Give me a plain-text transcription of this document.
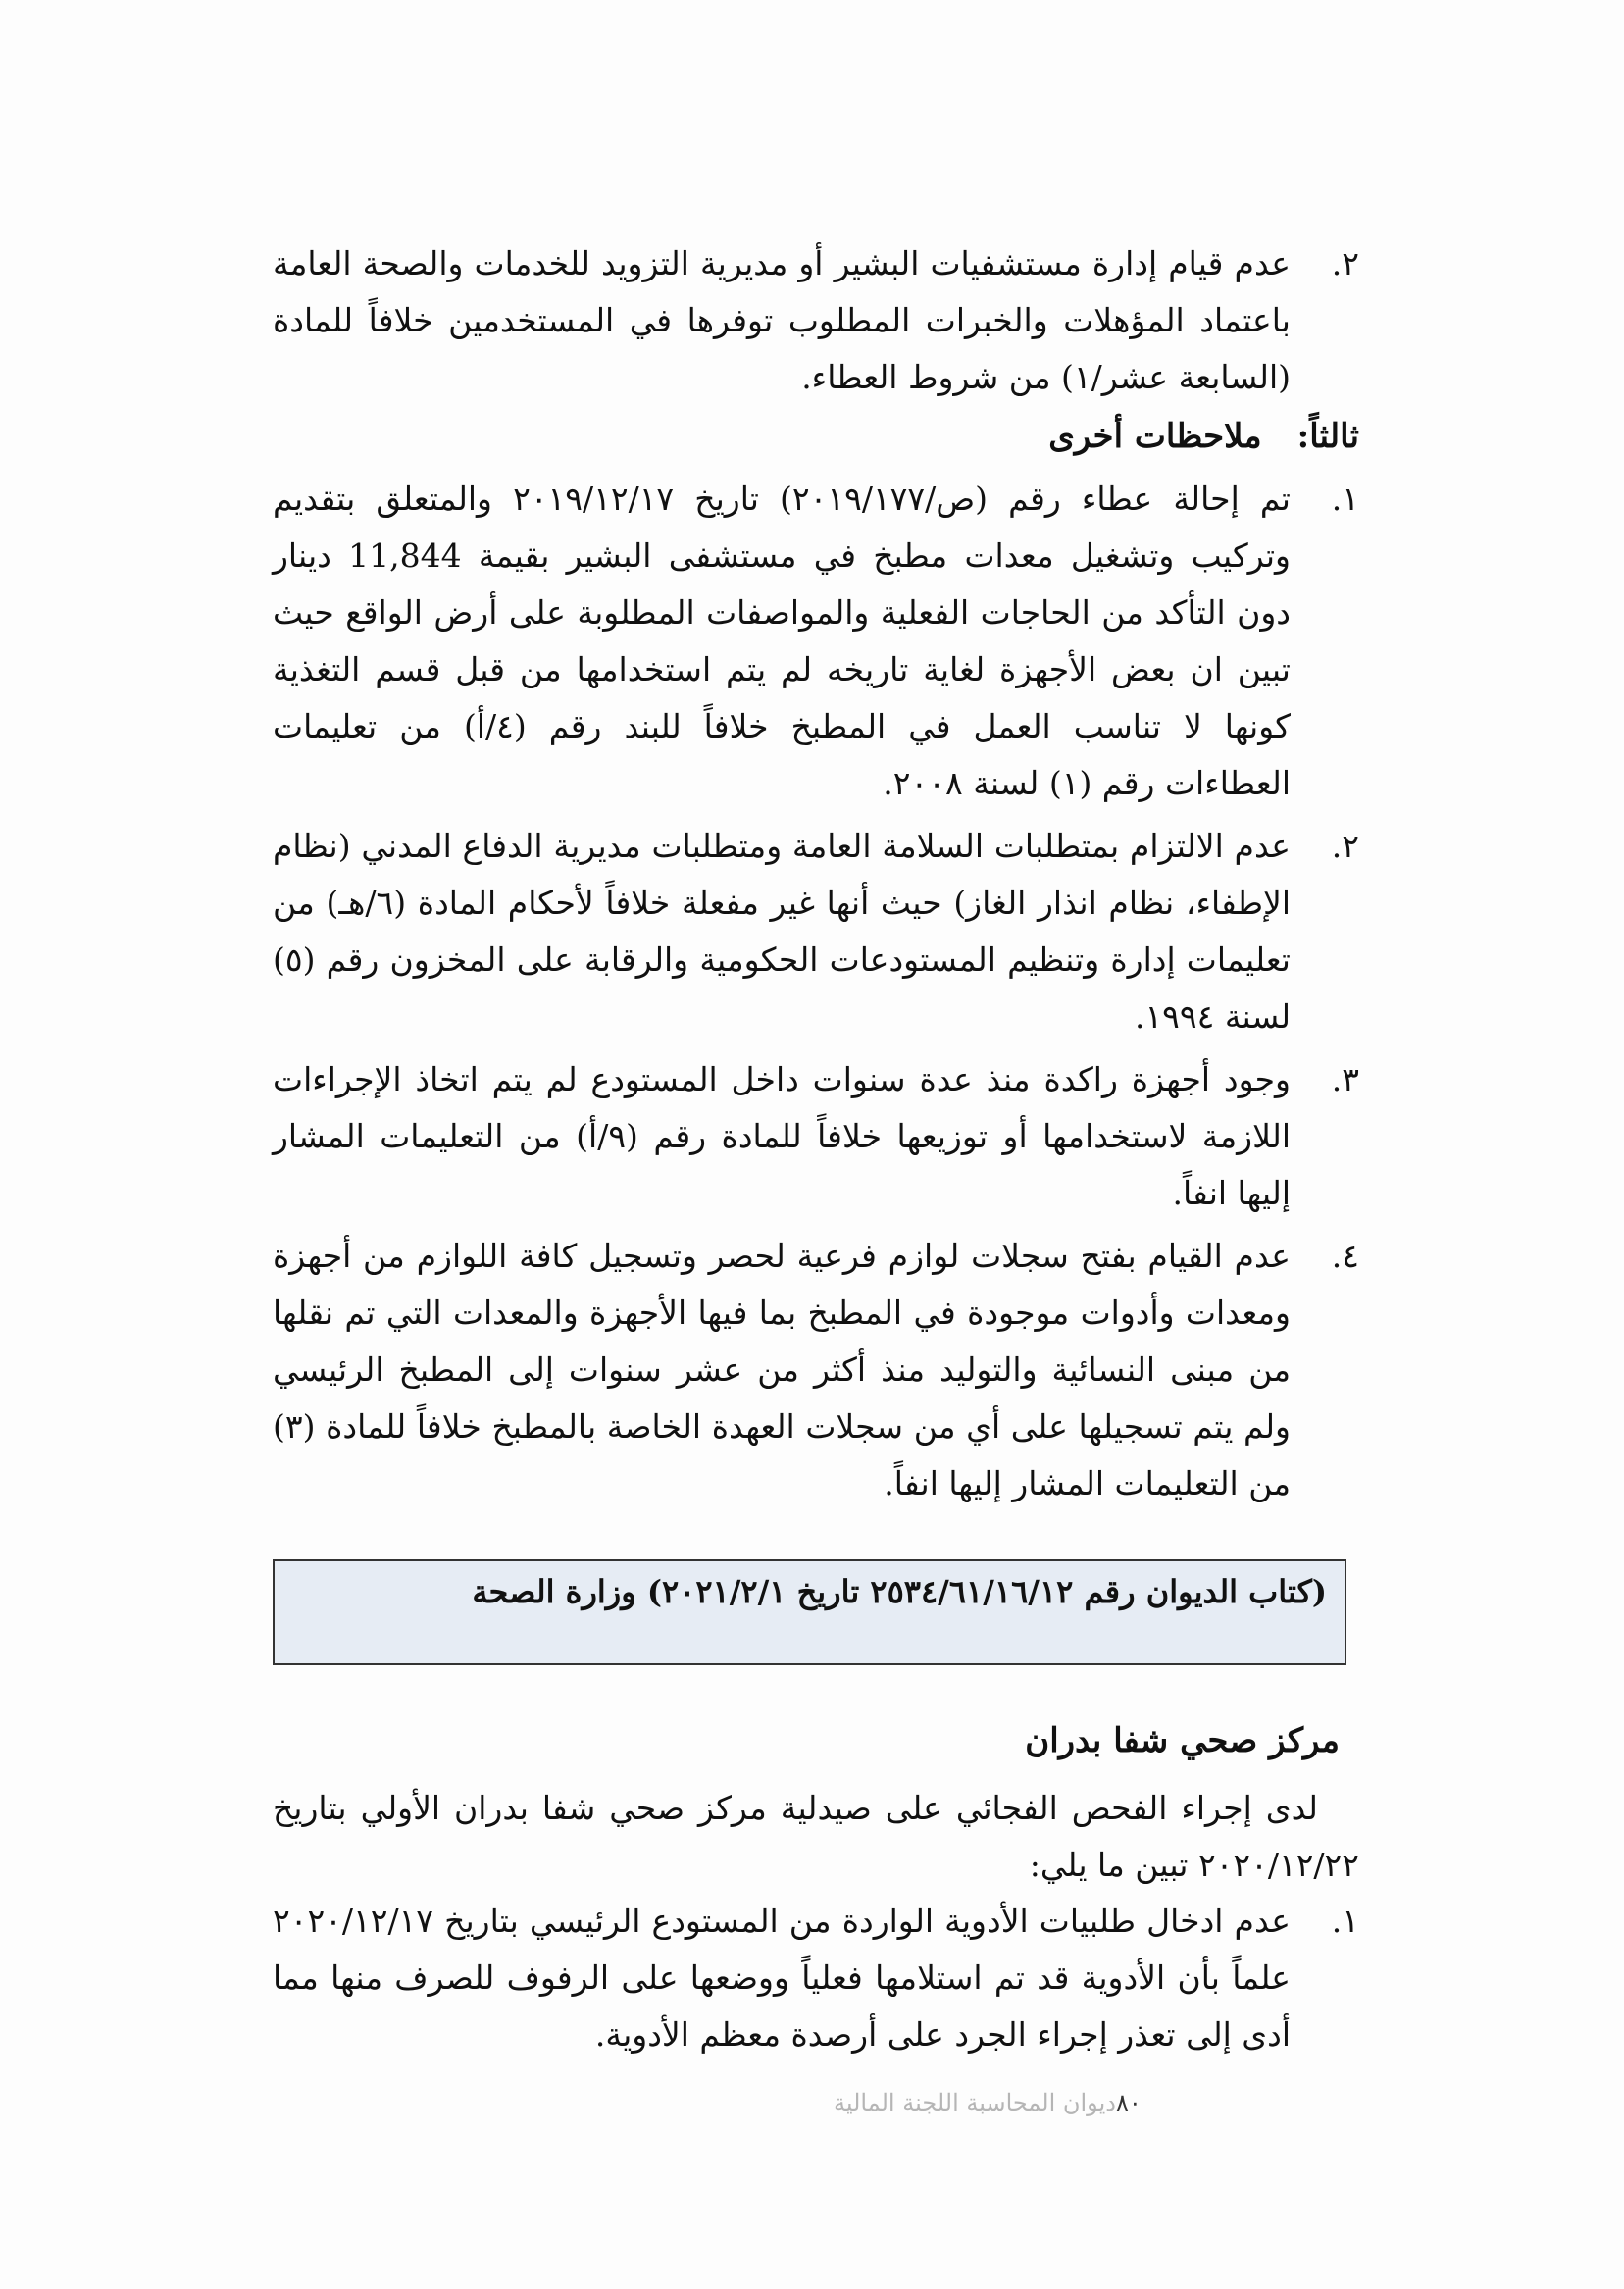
٢.

عدم قيام إدارة مستشفيات البشير أو مديرية التزويد للخدمات والصحة العامة باعتماد المؤهلات والخبرات المطلوب توفرها في المستخدمين خلافاً للمادة (السابعة عشر/١) من شروط العطاء.

ثالثاً:ملاحظات أخرى
١.

تم إحالة عطاء رقم (ص/٢٠١٩/١٧٧) تاريخ ٢٠١٩/١٢/١٧ والمتعلق بتقديم وتركيب وتشغيل معدات مطبخ في مستشفى البشير بقيمة 11,844 دينار دون التأكد من الحاجات الفعلية والمواصفات المطلوبة على أرض الواقع حيث تبين ان بعض الأجهزة لغاية تاريخه لم يتم استخدامها من قبل قسم التغذية كونها لا تناسب العمل في المطبخ خلافاً للبند رقم (٤/أ) من تعليمات العطاءات رقم (١) لسنة ٢٠٠٨.

٢.

عدم الالتزام بمتطلبات السلامة العامة ومتطلبات مديرية الدفاع المدني (نظام الإطفاء، نظام انذار الغاز) حيث أنها غير مفعلة خلافاً لأحكام المادة (٦/هـ) من تعليمات إدارة وتنظيم المستودعات الحكومية والرقابة على المخزون رقم (٥) لسنة ١٩٩٤.

٣.

وجود أجهزة راكدة منذ عدة سنوات داخل المستودع لم يتم اتخاذ الإجراءات اللازمة لاستخدامها أو توزيعها خلافاً للمادة رقم (٩/أ) من التعليمات المشار إليها انفاً.

٤.

عدم القيام بفتح سجلات لوازم فرعية لحصر وتسجيل كافة اللوازم من أجهزة ومعدات وأدوات موجودة في المطبخ بما فيها الأجهزة والمعدات التي تم نقلها من مبنى النسائية والتوليد منذ أكثر من عشر سنوات إلى المطبخ الرئيسي ولم يتم تسجيلها على أي من سجلات العهدة الخاصة بالمطبخ خلافاً للمادة (٣) من التعليمات المشار إليها انفاً.

(كتاب الديوان رقم ٢٥٣٤/٦١/١٦/١٢ تاريخ ٢٠٢١/٢/١) وزارة الصحة
مركز صحي شفا بدران

لدى إجراء الفحص الفجائي على صيدلية مركز صحي شفا بدران الأولي بتاريخ ٢٠٢٠/١٢/٢٢ تبين ما يلي:

١.

عدم ادخال طلبيات الأدوية الواردة من المستودع الرئيسي بتاريخ ٢٠٢٠/١٢/١٧ علماً بأن الأدوية قد تم استلامها فعلياً ووضعها على الرفوف للصرف منها مما أدى إلى تعذر إجراء الجرد على أرصدة معظم الأدوية.

٨٠ديوان المحاسبة اللجنة المالية
